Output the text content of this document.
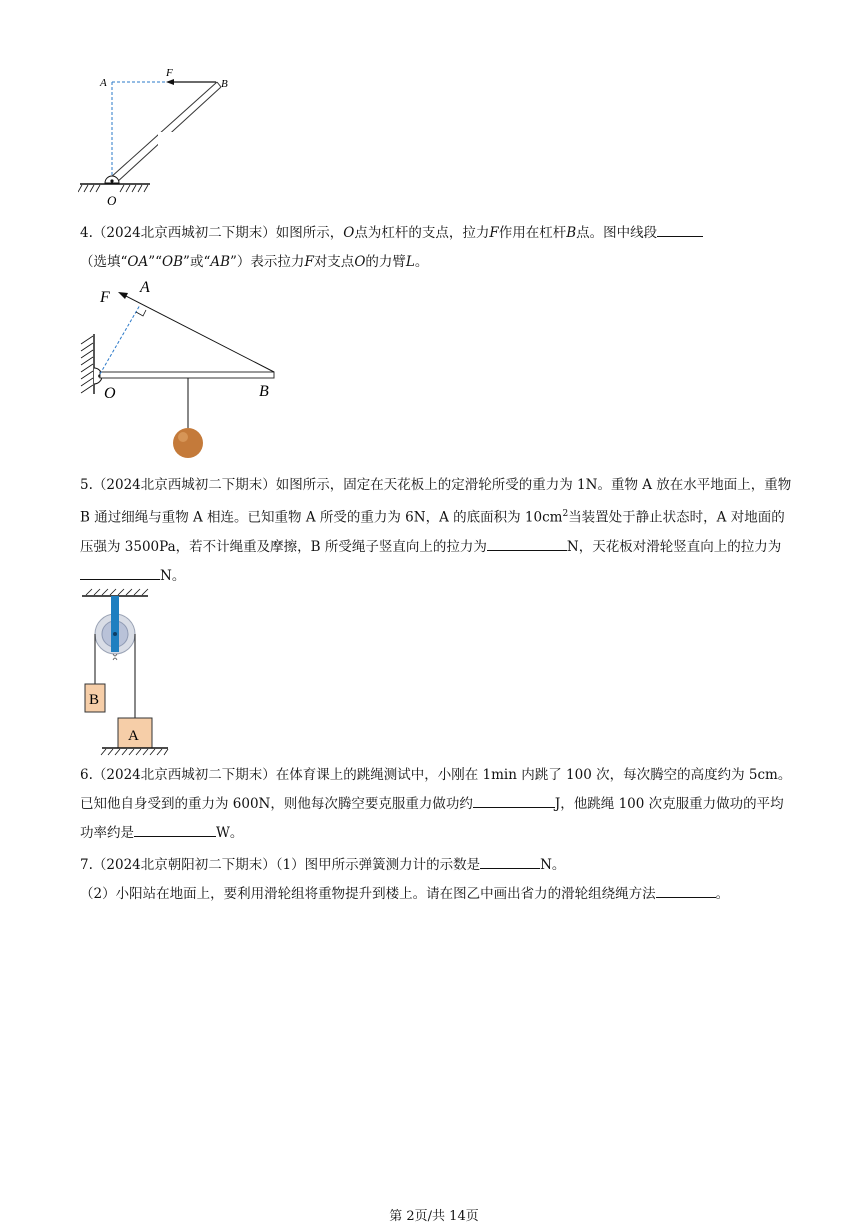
A
O
B
F

4.（2024北京西城初二下期末）如图所示，O点为杠杆的支点，拉力F作用在杠杆B点。图中线段
（选填“OA”“OB”或“AB”）表示拉力F对支点O的力臂L。

F
A
O	B

5.（2024北京西城初二下期末）如图所示，固定在天花板上的定滑轮所受的重力为 1N。重物 A 放在水平地面上，重物 B 通过细绳与重物 A 相连。已知重物 A 所受的重力为 6N，A 的底面积为 $10cm^2$当装置处于静止状态时，A 对地面的压强为 3500Pa，若不计绳重及摩擦，B 所受绳子竖直向上的拉力为	N，天花板对滑轮竖直向上的拉力为N。

B
A

6.（2024北京西城初二下期末）在体育课上的跳绳测试中，小刚在 1min 内跳了 100 次，每次腾空的高度约为 5cm。已知他自身受到的重力为 600N，则他每次腾空要克服重力做功约	J，他跳绳 100 次克服重力做功的平均功率约是	W。

7.（2024北京朝阳初二下期末）（1）图甲所示弹簧测力计的示数是	N。
（2）小阳站在地面上，要利用滑轮组将重物提升到楼上。请在图乙中画出省力的滑轮组绕绳方法	。

第 2页/共 14页
